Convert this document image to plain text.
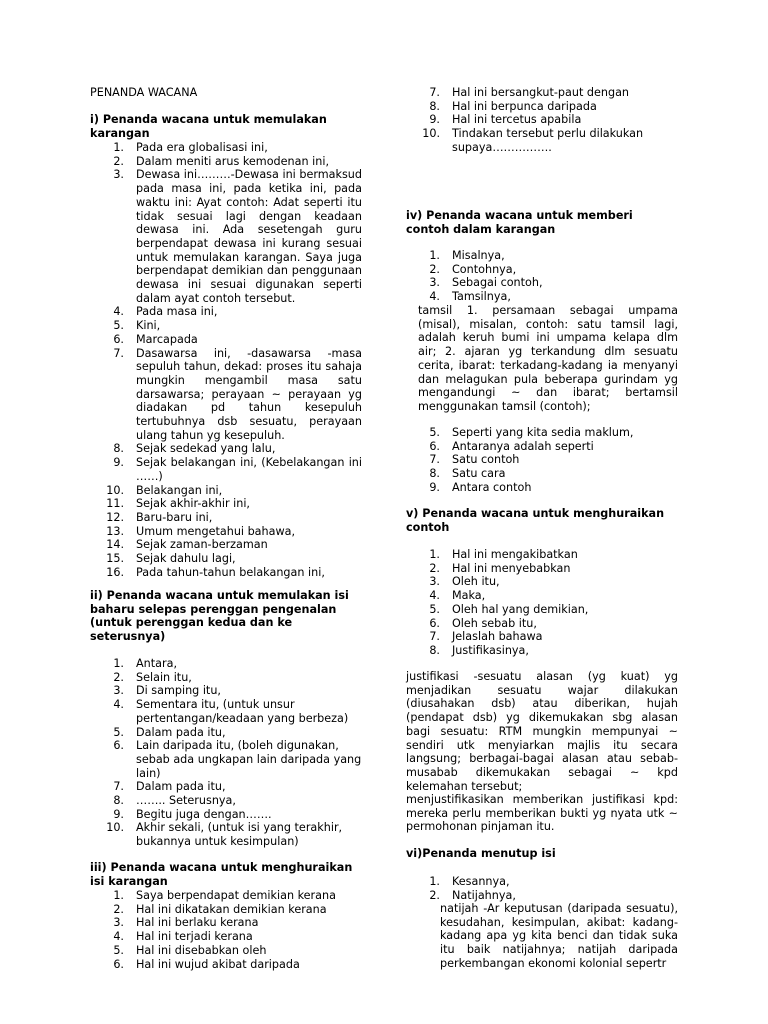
PENANDA WACANA
i) Penanda wacana untuk memulakan karangan
1. Pada era globalisasi ini,
2. Dalam meniti arus kemodenan ini,
3. Dewasa ini………-Dewasa ini bermaksud pada masa ini, pada ketika ini, pada waktu ini: Ayat contoh: Adat seperti itu tidak sesuai lagi dengan keadaan dewasa ini. Ada sesetengah guru berpendapat dewasa ini kurang sesuai untuk memulakan karangan. Saya juga berpendapat demikian dan penggunaan dewasa ini sesuai digunakan seperti dalam ayat contoh tersebut.
4. Pada masa ini,
5. Kini,
6. Marcapada
7. Dasawarsa ini, -dasawarsa -masa sepuluh tahun, dekad: proses itu sahaja mungkin mengambil masa satu darsawarsa; perayaan ~ perayaan yg diadakan pd tahun kesepuluh tertubuhnya dsb sesuatu, perayaan ulang tahun yg kesepuluh.
8. Sejak sedekad yang lalu,
9. Sejak belakangan ini, (Kebelakangan ini ……)
10. Belakangan ini,
11. Sejak akhir-akhir ini,
12. Baru-baru ini,
13. Umum mengetahui bahawa,
14. Sejak zaman-berzaman
15. Sejak dahulu lagi,
16. Pada tahun-tahun belakangan ini,
ii) Penanda wacana untuk memulakan isi baharu selepas perenggan pengenalan (untuk perenggan kedua dan ke seterusnya)
1. Antara,
2. Selain itu,
3. Di samping itu,
4. Sementara itu, (untuk unsur pertentangan/keadaan yang berbeza)
5. Dalam pada itu,
6. Lain daripada itu, (boleh digunakan, sebab ada ungkapan lain daripada yang lain)
7. Dalam pada itu,
8. …….. Seterusnya,
9. Begitu juga dengan…….
10. Akhir sekali, (untuk isi yang terakhir, bukannya untuk kesimpulan)
iii) Penanda wacana untuk menghuraikan isi karangan
1. Saya berpendapat demikian kerana
2. Hal ini dikatakan demikian kerana
3. Hal ini berlaku kerana
4. Hal ini terjadi kerana
5. Hal ini disebabkan oleh
6. Hal ini wujud akibat daripada
7. Hal ini bersangkut-paut dengan
8. Hal ini berpunca daripada
9. Hal ini tercetus apabila
10. Tindakan tersebut perlu dilakukan supaya…………….
iv) Penanda wacana untuk memberi contoh dalam karangan
1. Misalnya,
2. Contohnya,
3. Sebagai contoh,
4. Tamsilnya,

tamsil 1. persamaan sebagai umpama (misal), misalan, contoh: satu tamsil lagi, adalah keruh bumi ini umpama kelapa dlm air; 2. ajaran yg terkandung dlm sesuatu cerita, ibarat: terkadang-kadang ia menyanyi dan melagukan pula beberapa gurindam yg mengandungi ~ dan ibarat; bertamsil menggunakan tamsil (contoh);

5. Seperti yang kita sedia maklum,
6. Antaranya adalah seperti
7. Satu contoh
8. Satu cara
9. Antara contoh
v) Penanda wacana untuk menghuraikan contoh
1. Hal ini mengakibatkan
2. Hal ini menyebabkan
3. Oleh itu,
4. Maka,
5. Oleh hal yang demikian,
6. Oleh sebab itu,
7. Jelaslah bahawa
8. Justifikasinya,

justifikasi -sesuatu alasan (yg kuat) yg menjadikan sesuatu wajar dilakukan (diusahakan dsb) atau diberikan, hujah (pendapat dsb) yg dikemukakan sbg alasan bagi sesuatu: RTM mungkin mempunyai ~ sendiri utk menyiarkan majlis itu secara langsung; berbagai-bagai alasan atau sebab-musabab dikemukakan sebagai ~ kpd kelemahan tersebut;

menjustifikasikan memberikan justifikasi kpd: mereka perlu memberikan bukti yg nyata utk ~ permohonan pinjaman itu.

vi)Penanda menutup isi
1. Kesannya,
2. Natijahnya,

natijah -Ar keputusan (daripada sesuatu), kesudahan, kesimpulan, akibat: kadang-kadang apa yg kita benci dan tidak suka itu baik natijahnya; natijah daripada perkembangan ekonomi kolonial sepertr
